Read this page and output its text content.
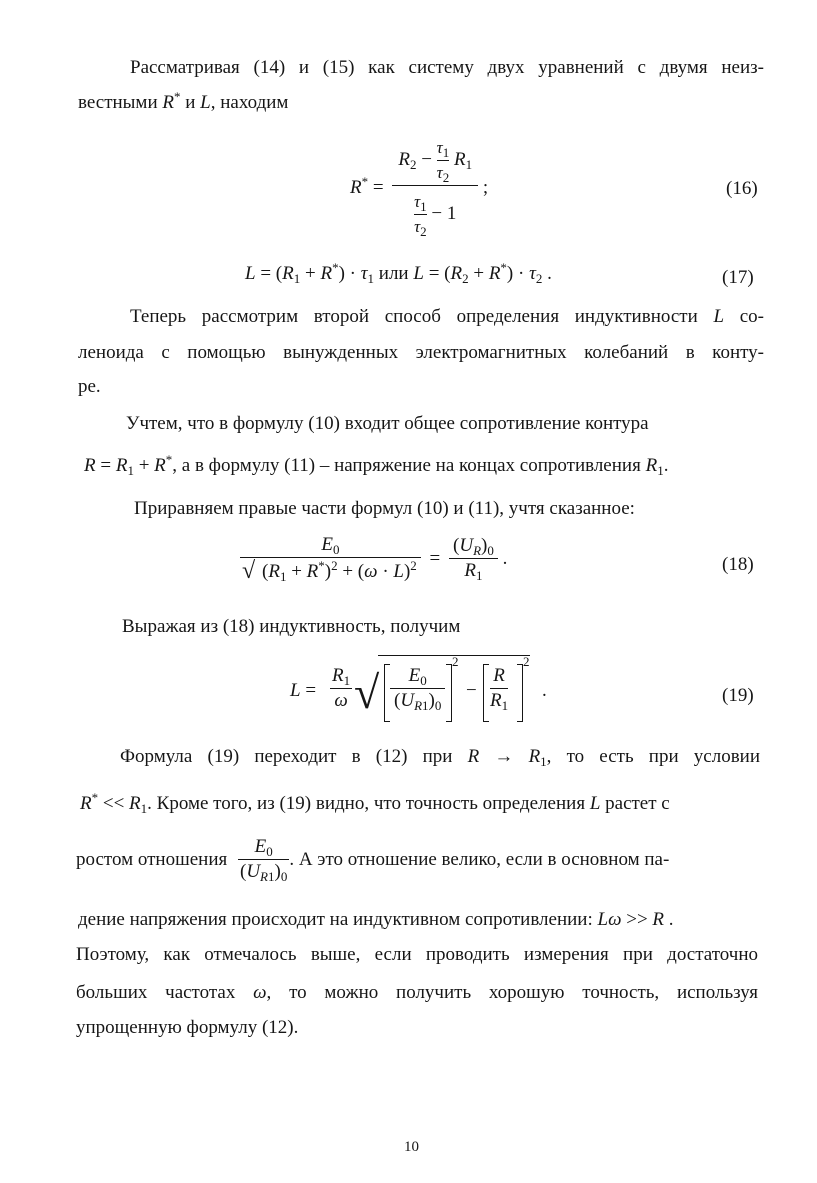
Рассматривая (14) и (15) как систему двух уравнений с двумя неиз-
вестными R* и L, находим
$R^* = \frac{R_2 - \frac{\tau_1}{\tau_2} R_1}{\frac{\tau_1}{\tau_2} - 1}$ ;	(16)
$L = (R_1 + R^*) \cdot \tau_1$ или $L = (R_2 + R^*) \cdot \tau_2$ .	(17)
Теперь рассмотрим второй способ определения индуктивности L со-
леноида с помощью вынужденных электромагнитных колебаний в конту-
ре.
Учтем, что в формулу (10) входит общее сопротивление контура
$R = R_1 + R^*$, а в формулу (11) – напряжение на концах сопротивления $R_1$.
Приравняем правые части формул (10) и (11), учтя сказанное:
$\frac{E_0}{√ (R_1 + R^*)^2 + (\omega \cdot L)^2} = \frac{(U_R)_0}{R_1}$ .	(18)
Выражая из (18) индуктивность, получим
$L = \frac{R_1}{\omega}$ √ $\frac{E_0}{(U_{R1})_0}$
2
− $\frac{R}{R_1}$
2
.	(19)
Формула (19) переходит в (12) при $R \to R_1$, то есть при условии
$R^* << R_1$. Кроме того, из (19) видно, что точность определения L растет с
ростом отношения $\frac{E_0}{(U_{R1})_0}$ . А это отношение велико, если в основном па-
дение напряжения происходит на индуктивном сопротивлении: Lω >> R .
Поэтому, как отмечалось выше, если проводить измерения при достаточно
больших частотах ω, то можно получить хорошую точность, используя
упрощенную формулу (12).
10
